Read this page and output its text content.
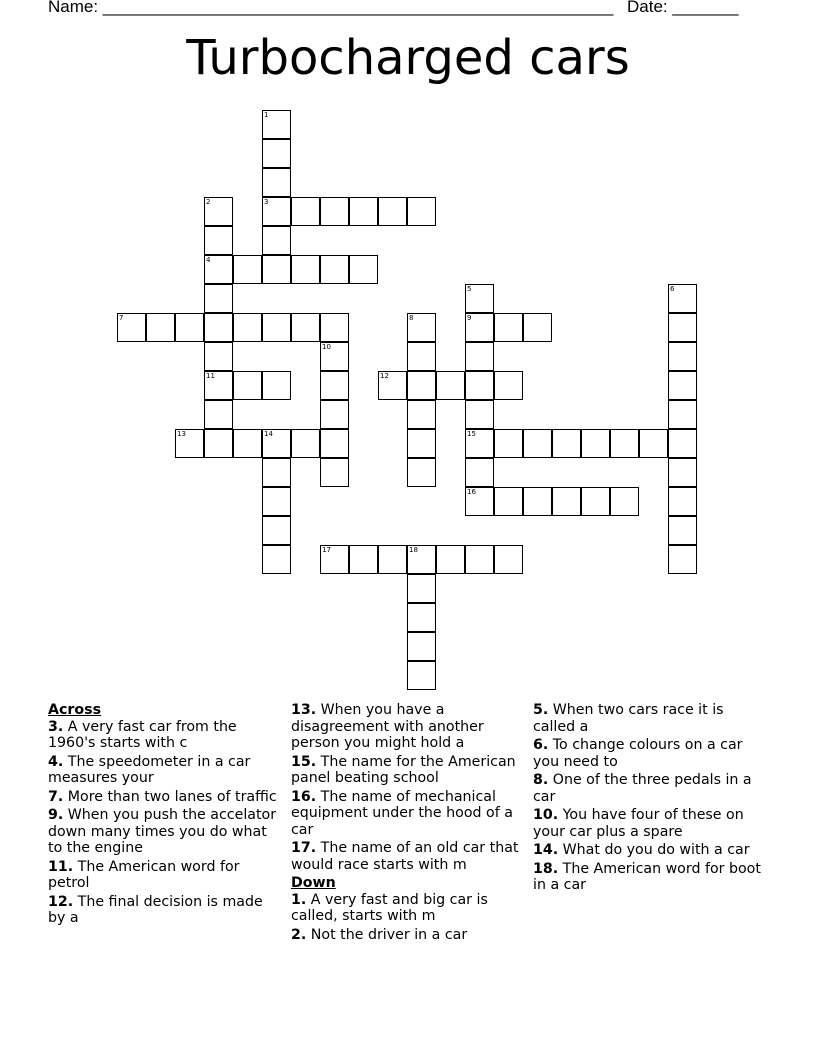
Name: ______________________________________________________ Date: _______
Turbocharged cars
1
3
2
4
11
5
9
15
16
6
7	8
10
12
13	14
17	18
Across
3. A very fast car from the 1960's starts with c
4. The speedometer in a car measures your
7. More than two lanes of traffic
9. When you push the accelator down many times you do what to the engine
11. The American word for petrol
12. The final decision is made by a
13. When you have a disagreement with another person you might hold a
15. The name for the American panel beating school
16. The name of mechanical equipment under the hood of a car
17. The name of an old car that would race starts with m
Down
1. A very fast and big car is called, starts with m
2. Not the driver in a car
5. When two cars race it is called a
6. To change colours on a car you need to
8. One of the three pedals in a car
10. You have four of these on your car plus a spare
14. What do you do with a car
18. The American word for boot in a car
